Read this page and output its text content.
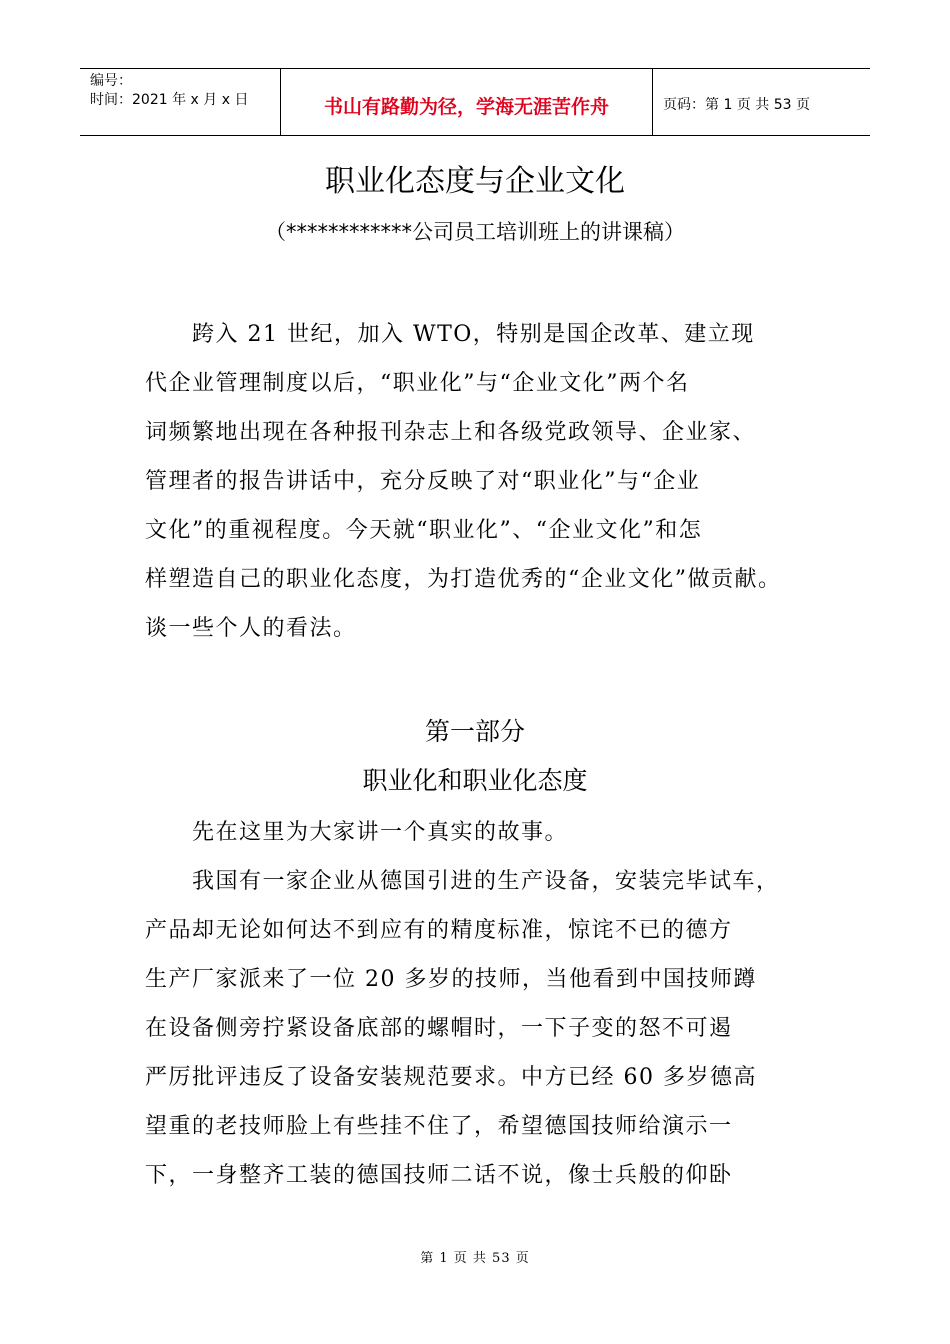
编号：
时间：2021 年 x 月 x 日	书山有路勤为径，学海无涯苦作舟	页码：第 1 页 共 53 页
职业化态度与企业文化
（************公司员工培训班上的讲课稿）

　　跨入 21 世纪，加入 WTO，特别是国企改革、建立现
代企业管理制度以后，“职业化”与“企业文化”两个名
词频繁地出现在各种报刊杂志上和各级党政领导、企业家、
管理者的报告讲话中，充分反映了对“职业化”与“企业
文化”的重视程度。今天就“职业化”、“企业文化”和怎
样塑造自己的职业化态度，为打造优秀的“企业文化”做贡献。
谈一些个人的看法。

第一部分
职业化和职业化态度

　　先在这里为大家讲一个真实的故事。

　　我国有一家企业从德国引进的生产设备，安装完毕试车，
产品却无论如何达不到应有的精度标准，惊诧不已的德方
生产厂家派来了一位 20 多岁的技师，当他看到中国技师蹲
在设备侧旁拧紧设备底部的螺帽时，一下子变的怒不可遏
严厉批评违反了设备安装规范要求。中方已经 60 多岁德高
望重的老技师脸上有些挂不住了，希望德国技师给演示一
下，一身整齐工装的德国技师二话不说，像士兵般的仰卧

第 1 页 共 53 页
